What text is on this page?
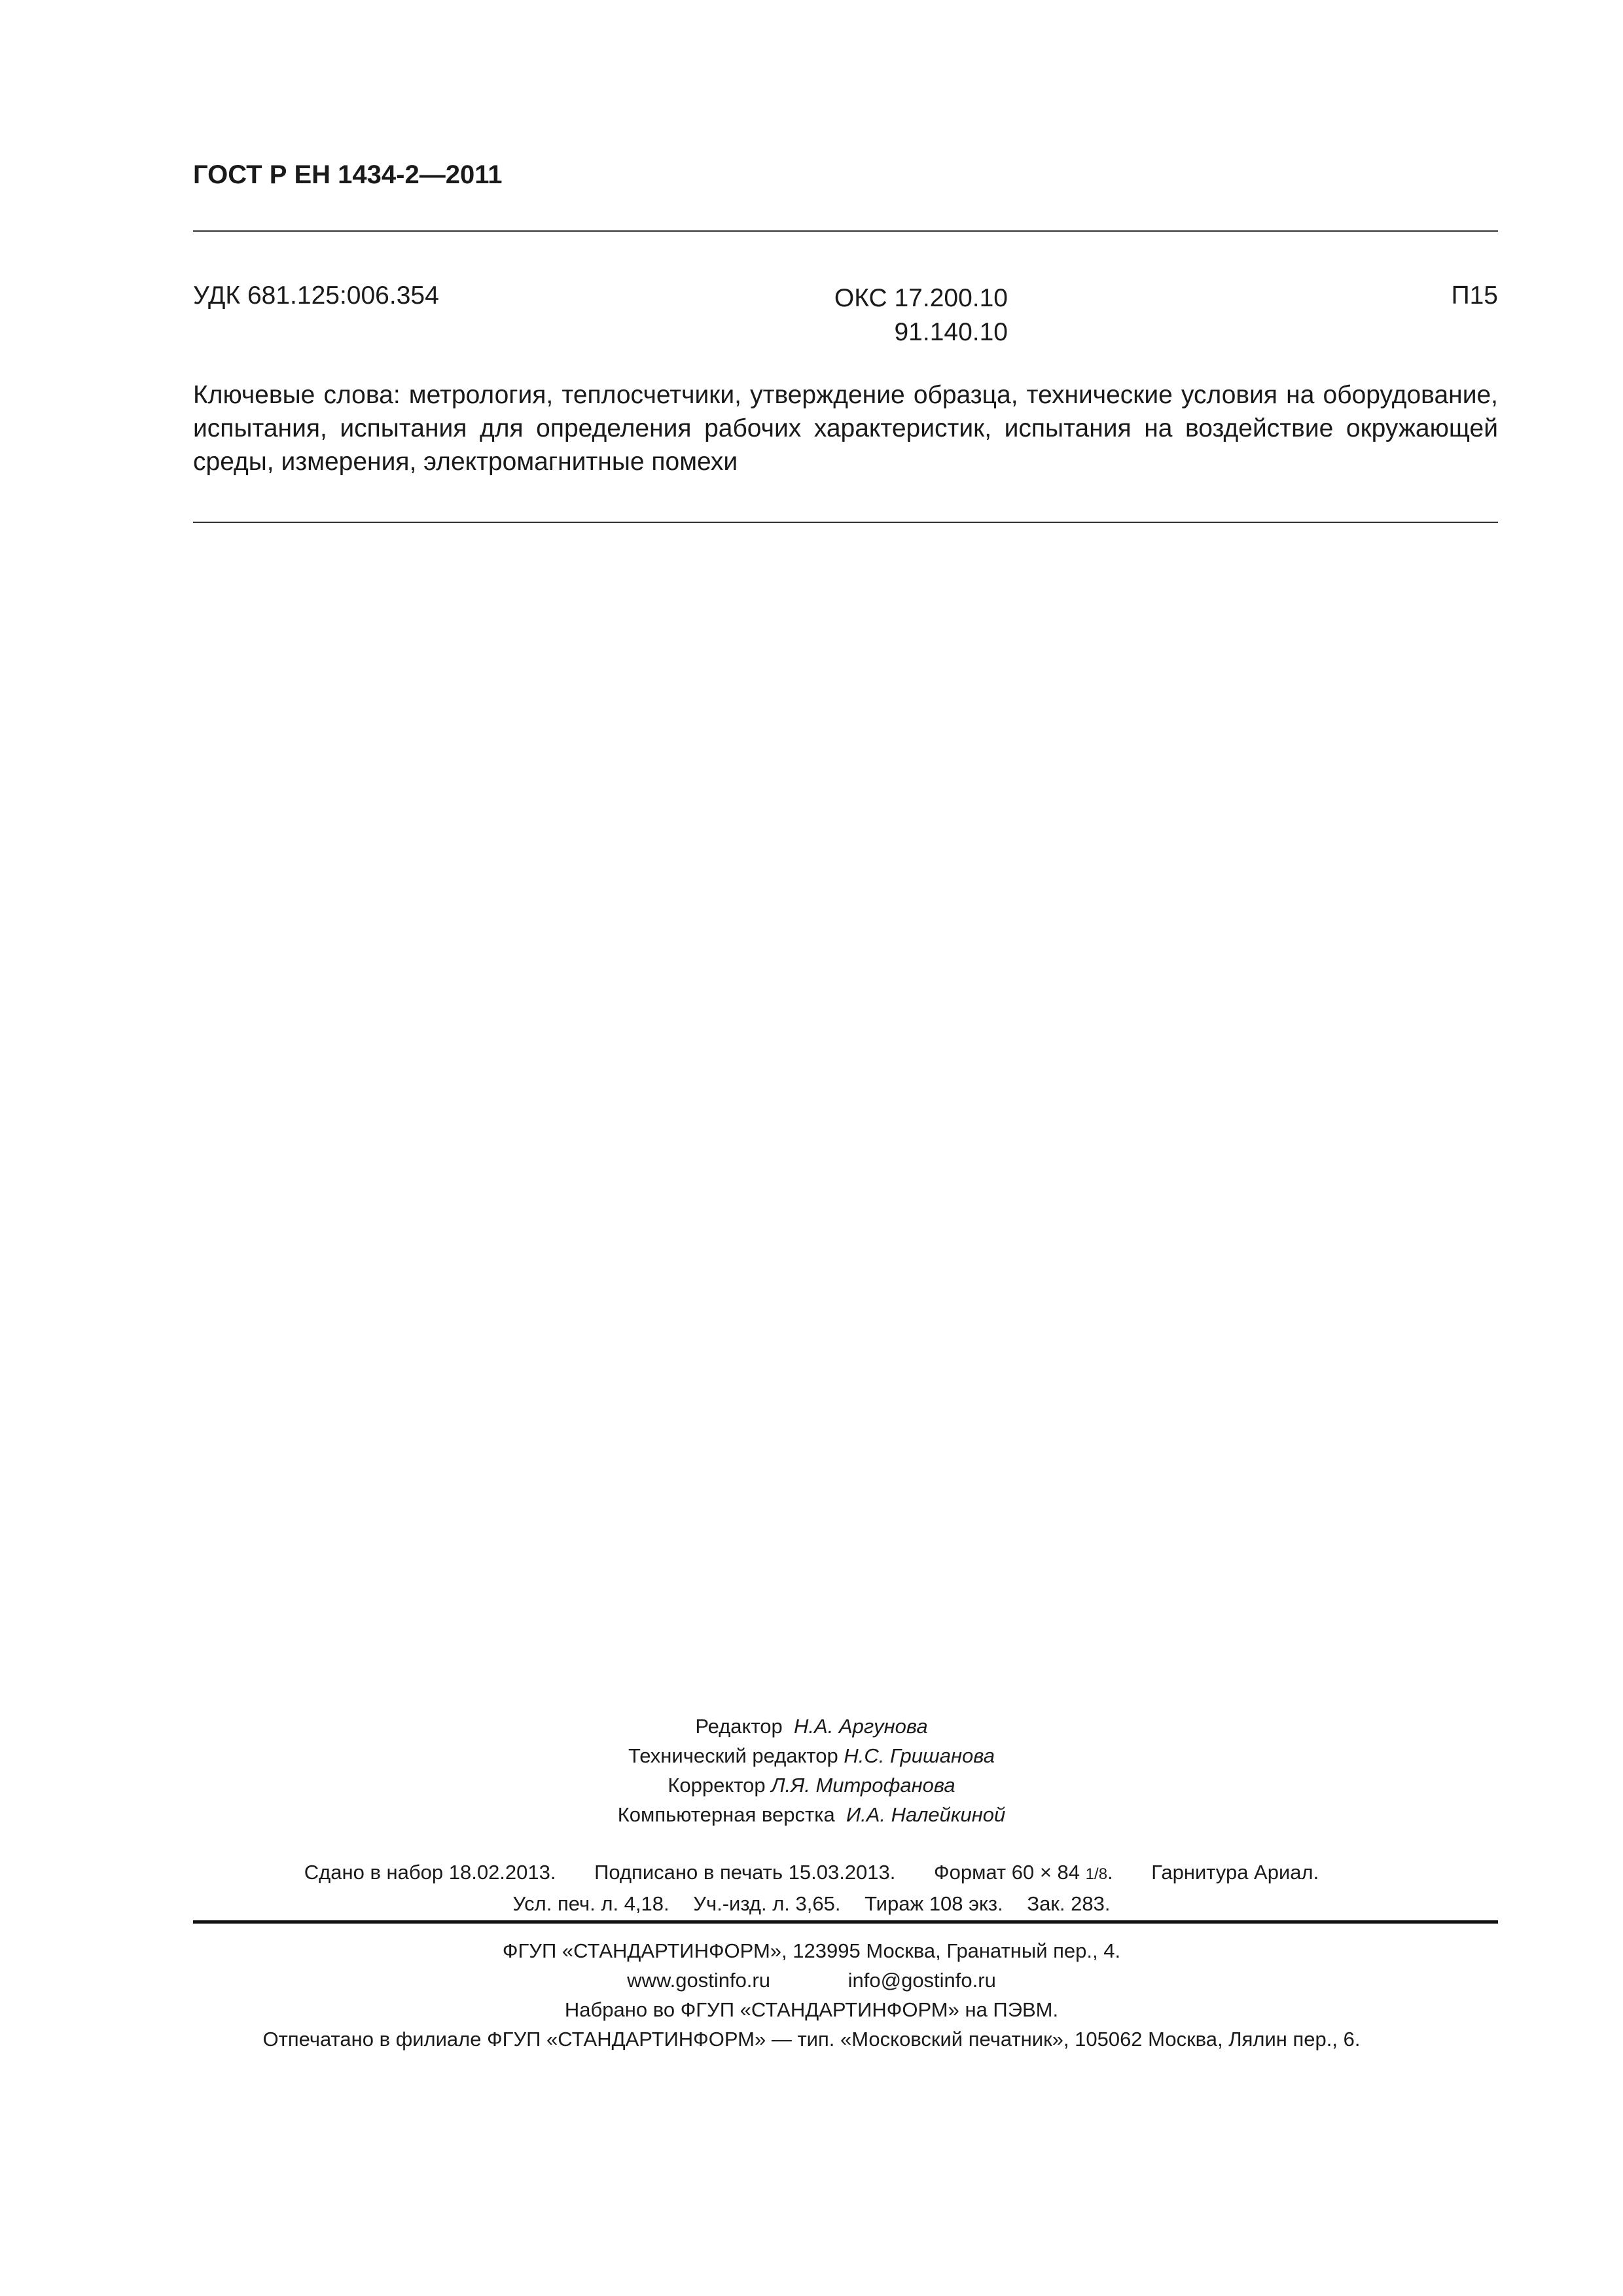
ГОСТ Р ЕН 1434-2—2011
УДК 681.125:006.354	ОКС 17.200.10
91.140.10
П15
Ключевые слова: метрология, теплосчетчики, утверждение образца, технические условия на оборудование, испытания, испытания для определения рабочих характеристик, испытания на воздействие окружающей среды, измерения, электромагнитные помехи
Редактор Н.А. Аргунова
Технический редактор Н.С. Гришанова
Корректор Л.Я. Митрофанова
Компьютерная верстка И.А. Налейкиной
Сдано в набор 18.02.2013. Подписано в печать 15.03.2013. Формат 60 × 84 1/8. Гарнитура Ариал.
Усл. печ. л. 4,18. Уч.-изд. л. 3,65. Тираж 108 экз. Зак. 283.
ФГУП «СТАНДАРТИНФОРМ», 123995 Москва, Гранатный пер., 4.
www.gostinfo.ru	info@gostinfo.ru
Набрано во ФГУП «СТАНДАРТИНФОРМ» на ПЭВМ.
Отпечатано в филиале ФГУП «СТАНДАРТИНФОРМ» — тип. «Московский печатник», 105062 Москва, Лялин пер., 6.
